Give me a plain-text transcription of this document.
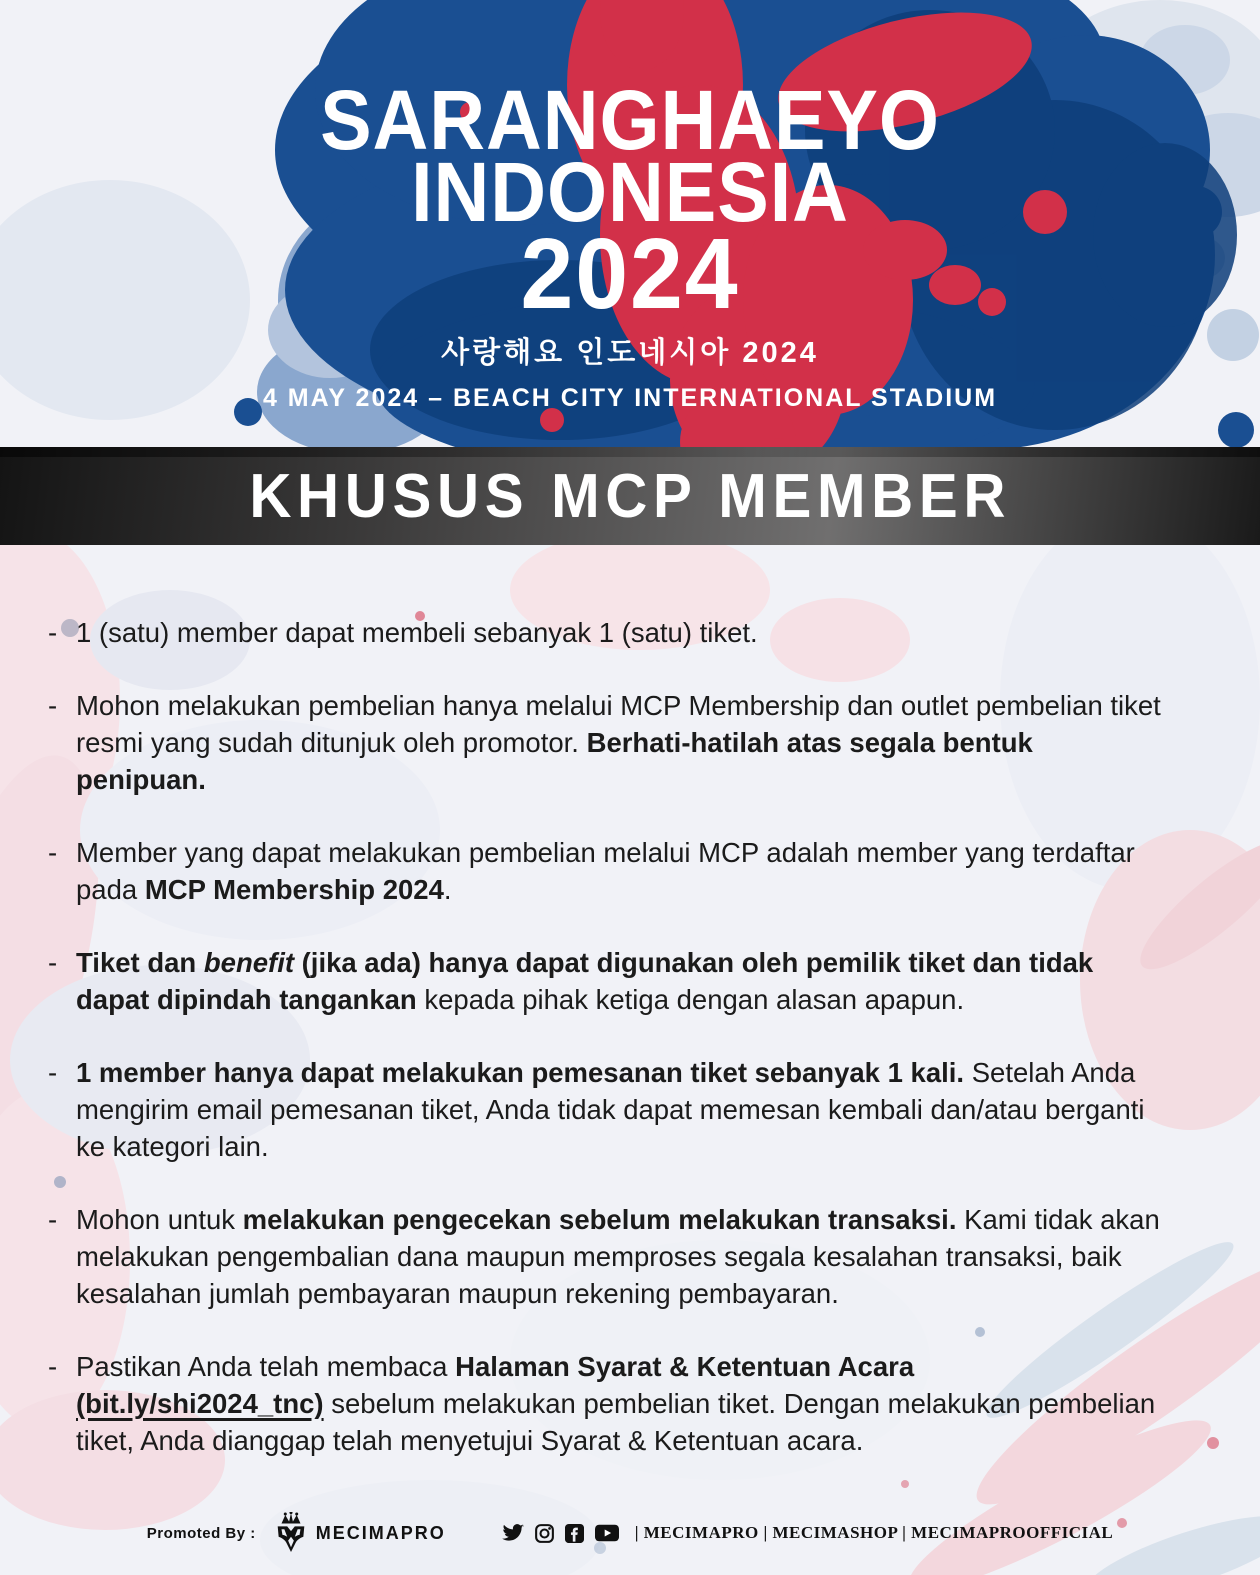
SARANGHAEYO
INDONESIA
2024
사랑해요 인도네시아 2024
4 MAY 2024 – BEACH CITY INTERNATIONAL STADIUM
KHUSUS MCP MEMBER
- 1 (satu) member dapat membeli sebanyak 1 (satu) tiket.

- Mohon melakukan pembelian hanya melalui MCP Membership dan outlet pembelian tiket resmi yang sudah ditunjuk oleh promotor. Berhati-hatilah atas segala bentuk penipuan.

- Member yang dapat melakukan pembelian melalui MCP adalah member yang terdaftar pada MCP Membership 2024.

- Tiket dan benefit (jika ada) hanya dapat digunakan oleh pemilik tiket dan tidak dapat dipindah tangankan kepada pihak ketiga dengan alasan apapun.

- 1 member hanya dapat melakukan pemesanan tiket sebanyak 1 kali. Setelah Anda mengirim email pemesanan tiket, Anda tidak dapat memesan kembali dan/atau berganti ke kategori lain.

- Mohon untuk melakukan pengecekan sebelum melakukan transaksi. Kami tidak akan melakukan pengembalian dana maupun memproses segala kesalahan transaksi, baik kesalahan jumlah pembayaran maupun rekening pembayaran.

- Pastikan Anda telah membaca Halaman Syarat & Ketentuan Acara (bit.ly/shi2024_tnc) sebelum melakukan pembelian tiket. Dengan melakukan pembelian tiket, Anda dianggap telah menyetujui Syarat & Ketentuan acara.

Promoted By :	MECIMAPRO	| MECIMAPRO | MECIMASHOP | MECIMAPROOFFICIAL
